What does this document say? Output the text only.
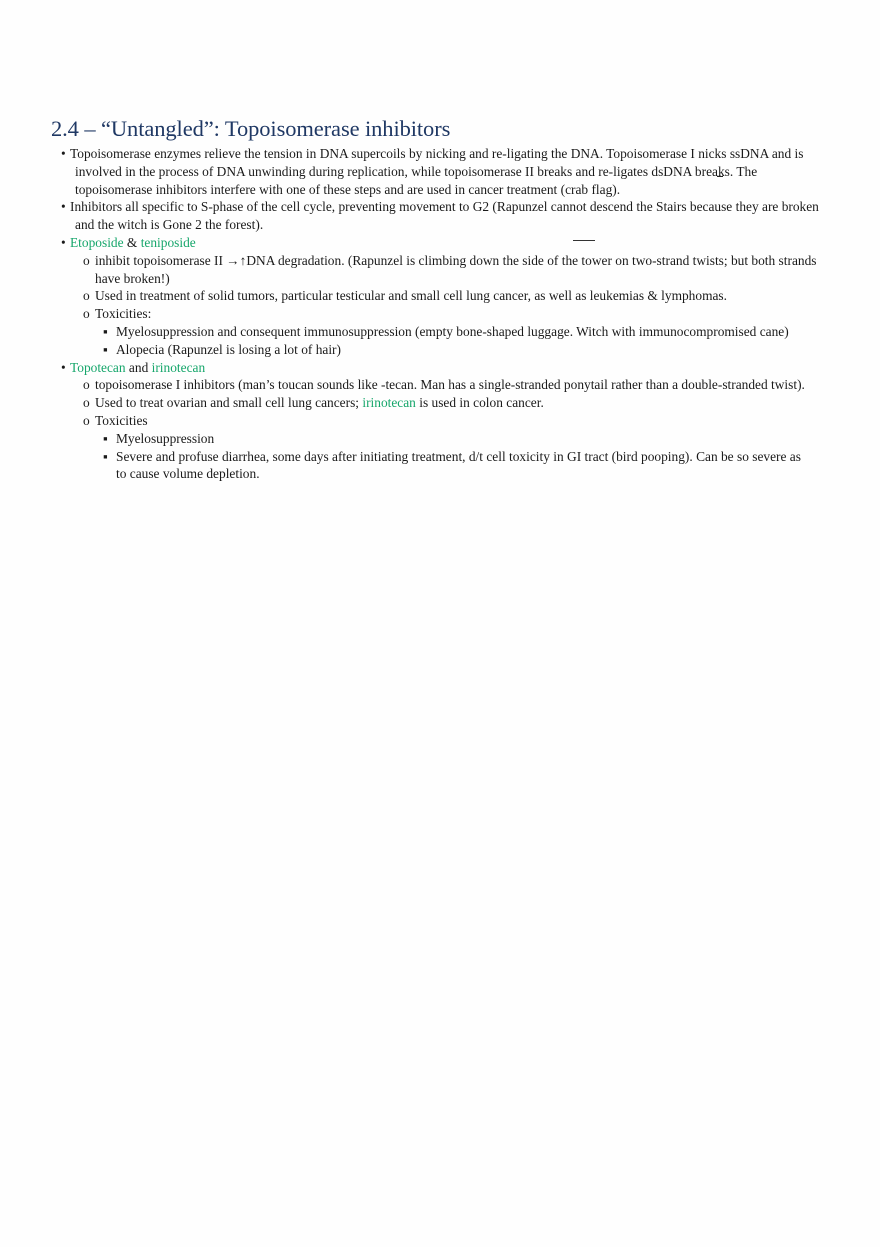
2.4 – “Untangled”: Topoisomerase inhibitors
• Topoisomerase enzymes relieve the tension in DNA supercoils by nicking and re-ligating the DNA. Topoisomerase I nicks ssDNA and is involved in the process of DNA unwinding during replication, while topoisomerase II breaks and re-ligates dsDNA breaks. The topoisomerase inhibitors interfere with one of these steps and are used in cancer treatment (crab flag).
• Inhibitors all specific to S-phase of the cell cycle, preventing movement to G2 (Rapunzel cannot descend the Stairs because they are broken and the witch is Gone 2 the forest).
• Etoposide & teniposide
o inhibit topoisomerase II →↑DNA degradation. (Rapunzel is climbing down the side of the tower on two-strand twists; but both strands have broken!)
o Used in treatment of solid tumors, particular testicular and small cell lung cancer, as well as leukemias & lymphomas.
o Toxicities:
▪ Myelosuppression and consequent immunosuppression (empty bone-shaped luggage. Witch with immunocompromised cane)
▪ Alopecia (Rapunzel is losing a lot of hair)
• Topotecan and irinotecan
o topoisomerase I inhibitors (man’s toucan sounds like -tecan. Man has a single-stranded ponytail rather than a double-stranded twist).
o Used to treat ovarian and small cell lung cancers; irinotecan is used in colon cancer.
o Toxicities
▪ Myelosuppression
▪ Severe and profuse diarrhea, some days after initiating treatment, d/t cell toxicity in GI tract (bird pooping). Can be so severe as to cause volume depletion.
